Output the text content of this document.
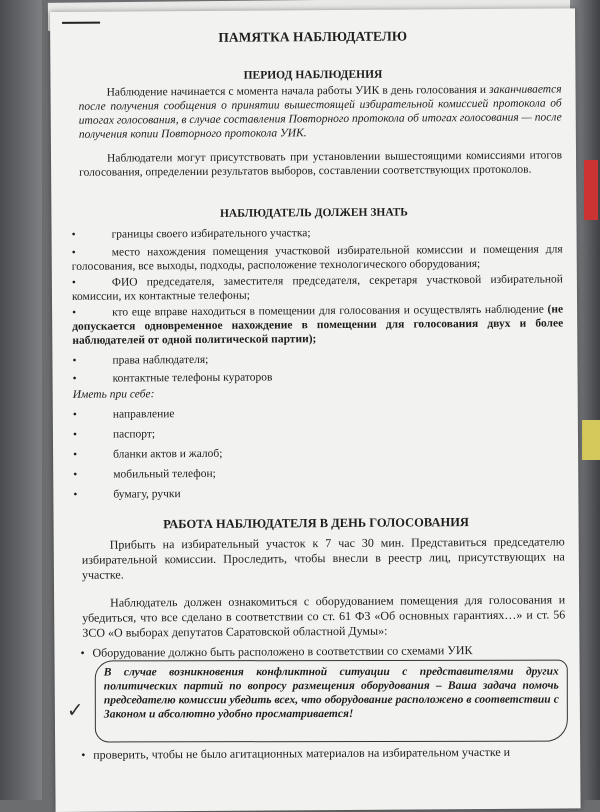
ПАМЯТКА НАБЛЮДАТЕЛЮ
ПЕРИОД НАБЛЮДЕНИЯ
Наблюдение начинается с момента начала работы УИК в день голосования и заканчивается после получения сообщения о принятии вышестоящей избирательной комиссией протокола об итогах голосования, в случае составления Повторного протокола об итогах голосования — после получения копии Повторного протокола УИК.
Наблюдатели могут присутствовать при установлении вышестоящими комиссиями итогов голосования, определении результатов выборов, составлении соответствующих протоколов.
НАБЛЮДАТЕЛЬ ДОЛЖЕН ЗНАТЬ
•	границы своего избирательного участка;
•	место нахождения помещения участковой избирательной комиссии и помещения для голосования, все выходы, подходы, расположение технологического оборудования;
•	ФИО председателя, заместителя председателя, секретаря участковой избирательной комиссии, их контактные телефоны;
•	кто еще вправе находиться в помещении для голосования и осуществлять наблюдение (не допускается одновременное нахождение в помещении для голосования двух и более наблюдателей от одной политической партии);
•	права наблюдателя;
•	контактные телефоны кураторов
Иметь при себе:
•	направление
•	паспорт;
•	бланки актов и жалоб;
•	мобильный телефон;
•	бумагу, ручки
РАБОТА НАБЛЮДАТЕЛЯ В ДЕНЬ ГОЛОСОВАНИЯ
Прибыть на избирательный участок к 7 час 30 мин. Представиться председателю избирательной комиссии. Проследить, чтобы внесли в реестр лиц, присутствующих на участке.
Наблюдатель должен ознакомиться с оборудованием помещения для голосования и убедиться, что все сделано в соответствии со ст. 61 ФЗ «Об основных гарантиях…» и ст. 56 ЗСО «О выборах депутатов Саратовской областной Думы»:
• Оборудование должно быть расположено в соответствии со схемами УИК
В случае возникновения конфликтной ситуации с представителями других политических партий по вопросу размещения оборудования – Ваша задача помочь председателю комиссии убедить всех, что оборудование расположено в соответствии с Законом и абсолютно удобно просматривается!
✓
• проверить, чтобы не было агитационных материалов на избирательном участке и
